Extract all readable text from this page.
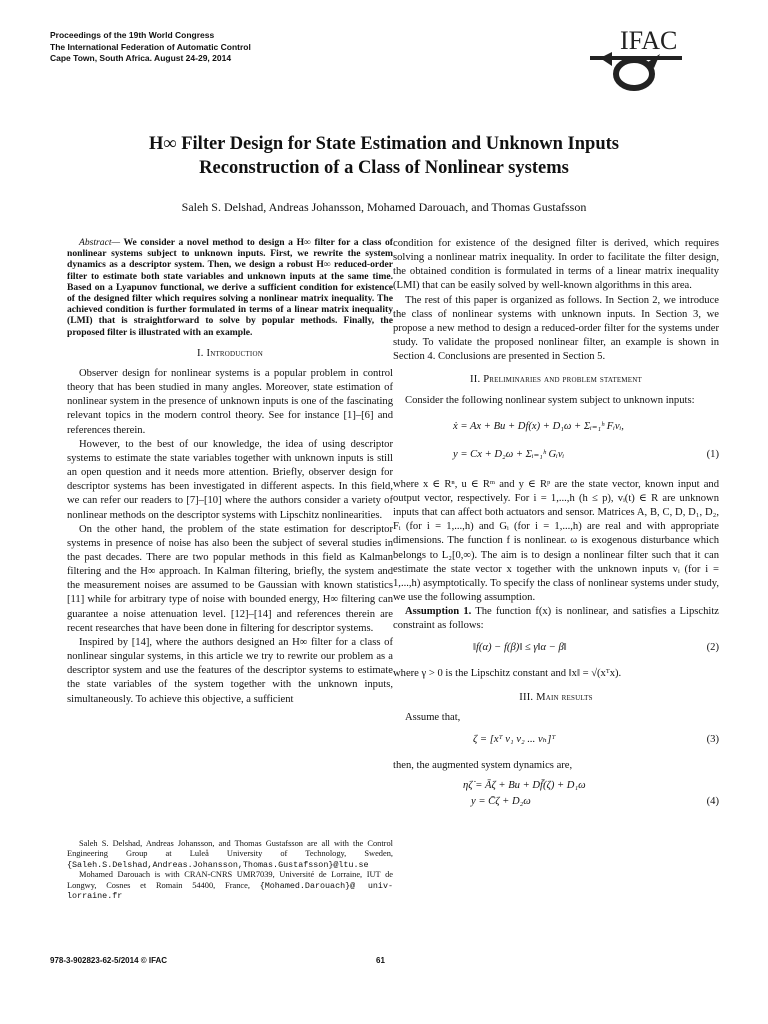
Proceedings of the 19th World Congress
The International Federation of Automatic Control
Cape Town, South Africa. August 24-29, 2014
IFAC
H∞ Filter Design for State Estimation and Unknown Inputs
Reconstruction of a Class of Nonlinear systems
Saleh S. Delshad, Andreas Johansson, Mohamed Darouach, and Thomas Gustafsson

Abstract— We consider a novel method to design a H∞ filter for a class of nonlinear systems subject to unknown inputs. First, we rewrite the system dynamics as a descriptor system. Then, we design a robust H∞ reduced-order filter to estimate both state variables and unknown inputs at the same time. Based on a Lyapunov functional, we derive a sufficient condition for existence of the designed filter which requires solving a nonlinear matrix inequality. The achieved condition is further formulated in terms of a linear matrix inequality (LMI) that is straightforward to solve by popular methods. Finally, the proposed filter is illustrated with an example.

I. Introduction

Observer design for nonlinear systems is a popular problem in control theory that has been studied in many angles. Moreover, state estimation of nonlinear system in the presence of unknown inputs is one of the fascinating relevant topics in the modern control theory. See for instance [1]–[6] and references therein.

However, to the best of our knowledge, the idea of using descriptor systems to estimate the state variables together with unknown inputs is still an open question and it needs more attention. Briefly, observer design for descriptor systems has been investigated in different aspects. In this field, we can refer our readers to [7]–[10] where the authors consider a variety of nonlinear methods on the descriptor systems with Lipschitz nonlinearities.

On the other hand, the problem of the state estimation for descriptor systems in presence of noise has also been the subject of several studies in the past decades. There are two popular methods in this field as Kalman filtering and the H∞ approach. In Kalman filtering, briefly, the system and the measurement noises are assumed to be Gaussian with known statistics [11] while for arbitrary type of noise with bounded energy, H∞ filtering can guarantee a noise attenuation level. [12]–[14] and references therein are recent researches that have been done in filtering for descriptor systems.

Inspired by [14], where the authors designed an H∞ filter for a class of nonlinear singular systems, in this article we try to rewrite our problem as a descriptor system and use the features of the descriptor systems to estimate the state variables of the system together with the unknown inputs, simultaneously. To achieve this objective, a sufficient

Saleh S. Delshad, Andreas Johansson, and Thomas Gustafsson are all with the Control Engineering Group at Luleå University of Technology, Sweden, {Saleh.S.Delshad,Andreas.Johansson,Thomas.Gustafsson}@ltu.se
Mohamed Darouach is with CRAN-CNRS UMR7039, Université de Lorraine, IUT de Longwy, Cosnes et Romain 54400, France, {Mohamed.Darouach}@ univ-lorraine.fr

condition for existence of the designed filter is derived, which requires solving a nonlinear matrix inequality. In order to facilitate the filter design, the obtained condition is formulated in terms of a linear matrix inequality (LMI) that can be easily solved by well-known algorithms in this area.

The rest of this paper is organized as follows. In Section 2, we introduce the class of nonlinear systems with unknown inputs. In Section 3, we propose a new method to design a reduced-order filter for the systems under study. To validate the proposed nonlinear filter, an example is shown in Section 4. Conclusions are presented in Section 5.

II. Preliminaries and problem statement

Consider the following nonlinear system subject to unknown inputs:

ẋ = Ax + Bu + Df(x) + D₁ω + Σᵢ₌₁ʰ Fᵢvᵢ,
y = Cx + D₂ω + Σᵢ₌₁ʰ Gᵢvᵢ	(1)

where x ∈ Rⁿ, u ∈ Rᵐ and y ∈ Rᵖ are the state vector, known input and output vector, respectively. For i = 1,...,h (h ≤ p), vᵢ(t) ∈ R are unknown inputs that can affect both actuators and sensor. Matrices A, B, C, D, D₁, D₂, Fᵢ (for i = 1,...,h) and Gᵢ (for i = 1,...,h) are real and with appropriate dimensions. The function f is nonlinear. ω is exogenous disturbance which belongs to L₂[0,∞). The aim is to design a nonlinear filter such that it can estimate the state vector x together with the unknown inputs vᵢ (for i = 1,...,h) asymptotically. To specify the class of nonlinear systems under study, we use the following assumption.

Assumption 1. The function f(x) is nonlinear, and satisfies a Lipschitz constraint as follows:

‖f(α) − f(β)‖ ≤ γ‖α − β‖	(2)

where γ > 0 is the Lipschitz constant and ‖x‖ = √(xᵀx).

III. Main results

Assume that,

ζ = [xᵀ v₁ v₂ ... vₕ]ᵀ	(3)

then, the augmented system dynamics are,

ηζ̇ = Āζ + Bu + Df̄(ζ) + D₁ω
y = C̄ζ + D₂ω	(4)
978-3-902823-62-5/2014 © IFAC	61
